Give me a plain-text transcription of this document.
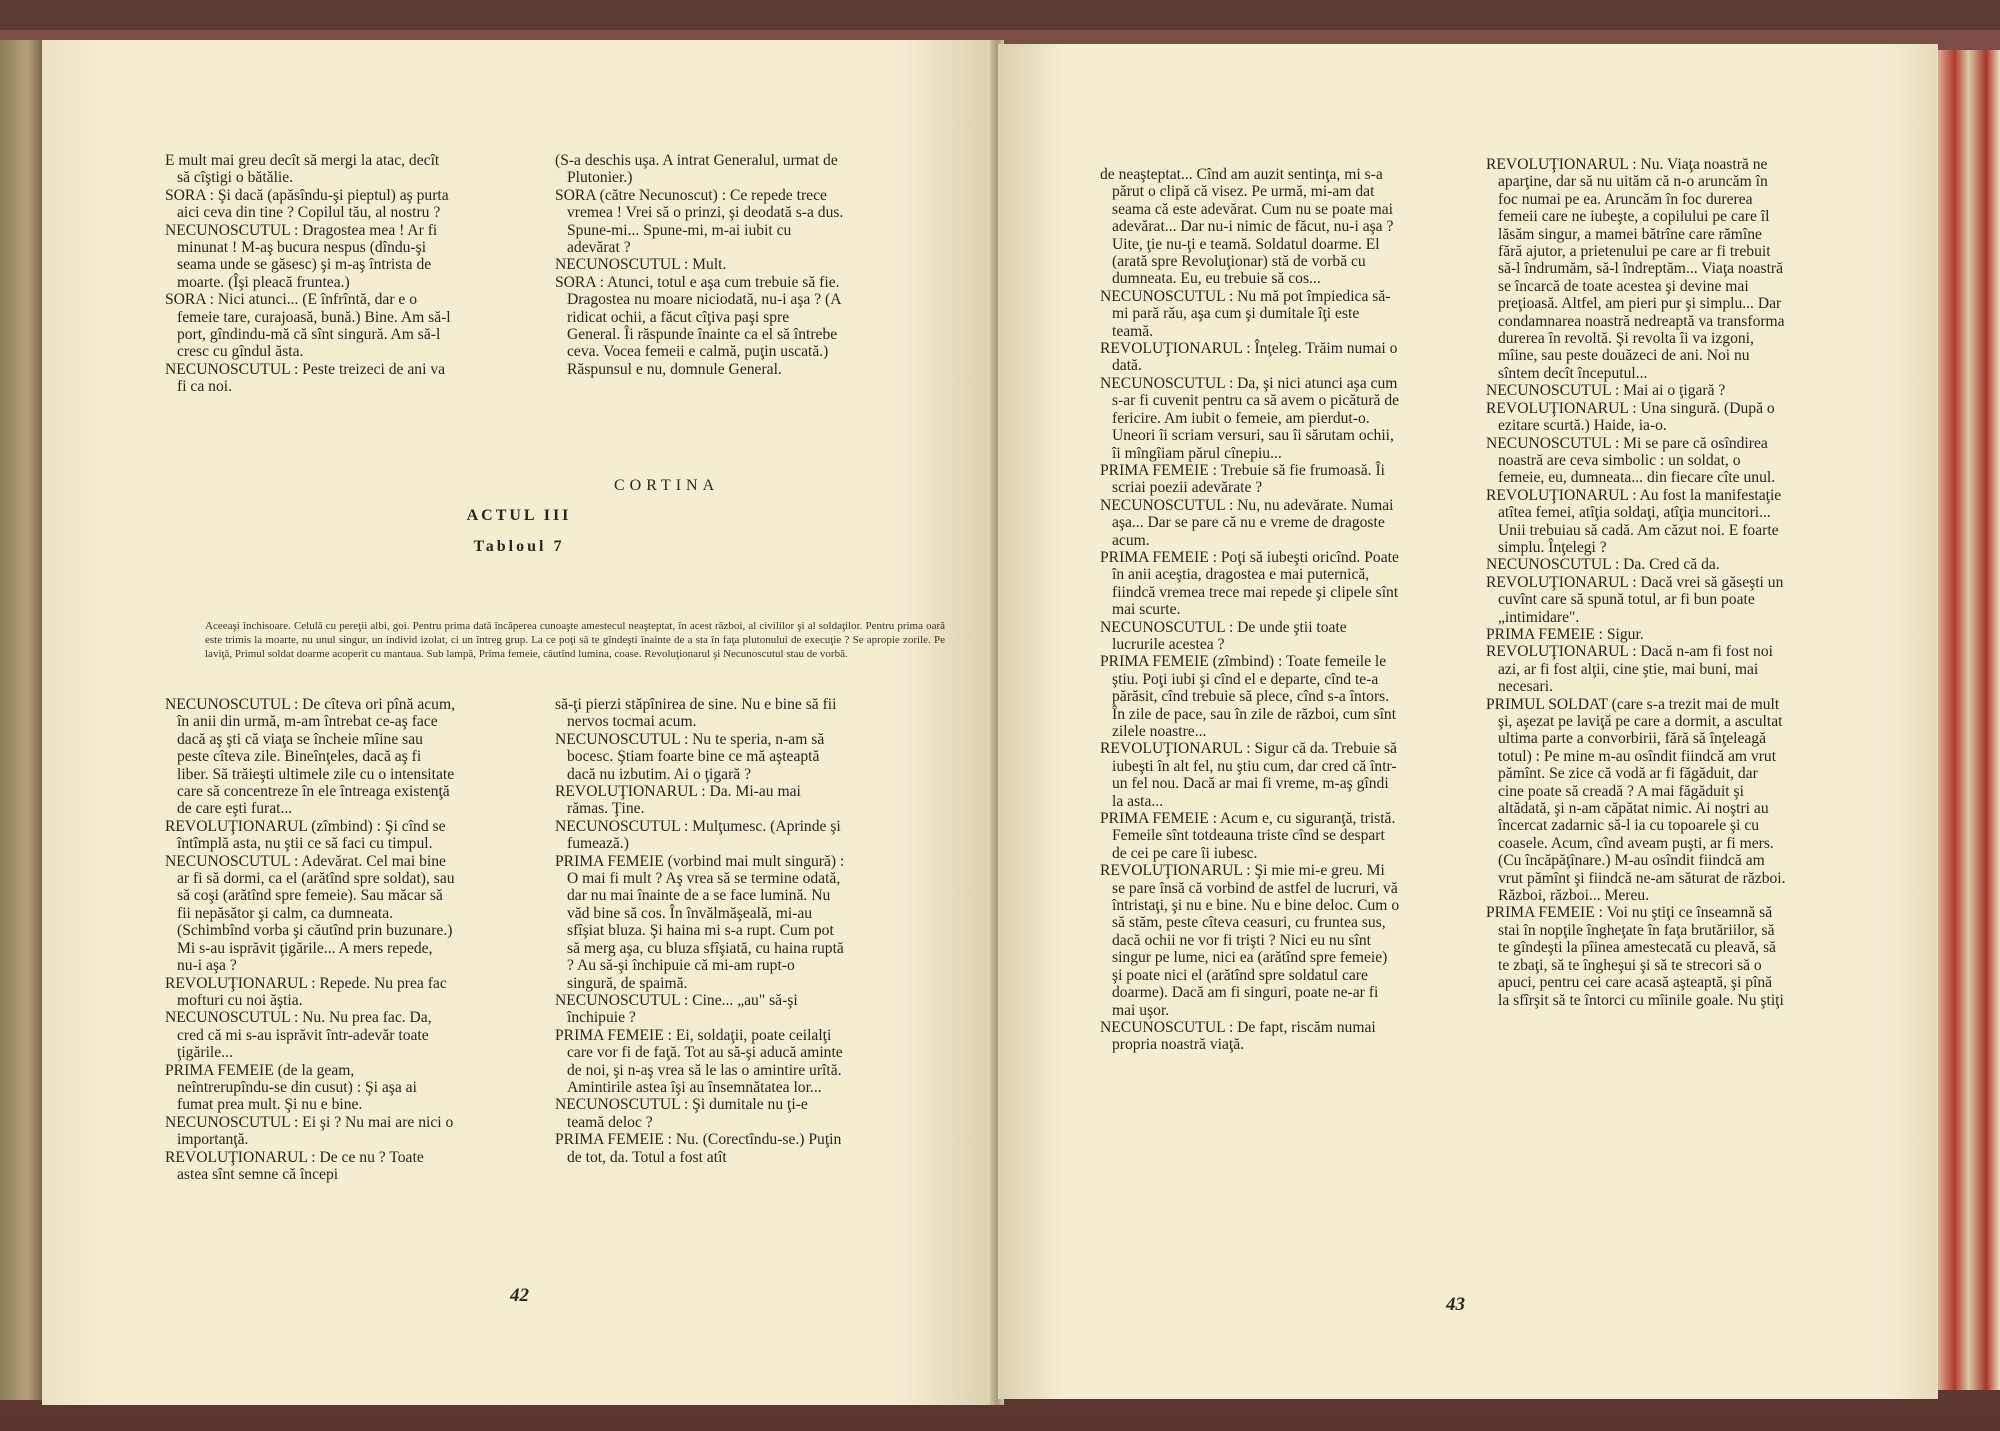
E mult mai greu decît să mergi la atac, decît să cîştigi o bătălie.

SORA : Şi dacă (apăsîndu-şi pieptul) aş purta aici ceva din tine ? Copilul tău, al nostru ?

NECUNOSCUTUL : Dragostea mea ! Ar fi minunat ! M-aş bucura nespus (dîndu-şi seama unde se găsesc) şi m-aş întrista de moarte. (Îşi pleacă fruntea.)

SORA : Nici atunci... (E înfrîntă, dar e o femeie tare, curajoasă, bună.) Bine. Am să-l port, gîndindu-mă că sînt singură. Am să-l cresc cu gîndul ăsta.

NECUNOSCUTUL : Peste treizeci de ani va fi ca noi.

(S-a deschis uşa. A intrat Generalul, urmat de Plutonier.)

SORA (către Necunoscut) : Ce repede trece vremea ! Vrei să o prinzi, şi deodată s-a dus. Spune-mi... Spune-mi, m-ai iubit cu adevărat ?

NECUNOSCUTUL : Mult.

SORA : Atunci, totul e aşa cum trebuie să fie. Dragostea nu moare niciodată, nu-i aşa ? (A ridicat ochii, a făcut cîţiva paşi spre General. Îi răspunde înainte ca el să întrebe ceva. Vocea femeii e calmă, puţin uscată.) Răspunsul e nu, domnule General.

CORTINA
ACTUL III
Tabloul 7
Aceeaşi închisoare. Celulă cu pereţii albi, goi. Pentru prima dată încăperea cunoaşte amestecul neaşteptat, în acest război, al civililor şi al soldaţilor. Pentru prima oară este trimis la moarte, nu unul singur, un individ izolat, ci un întreg grup. La ce poţi să te gîndeşti înainte de a sta în faţa plutonului de execuţie ? Se apropie zorile. Pe laviţă, Primul soldat doarme acoperit cu mantaua. Sub lampă, Prima femeie, căutînd lumina, coase. Revoluţionarul şi Necunoscutul stau de vorbă.

NECUNOSCUTUL : De cîteva ori pînă acum, în anii din urmă, m-am întrebat ce-aş face dacă aş şti că viaţa se încheie mîine sau peste cîteva zile. Bineînţeles, dacă aş fi liber. Să trăieşti ultimele zile cu o intensitate care să concentreze în ele întreaga existenţă de care eşti furat...

REVOLUŢIONARUL (zîmbind) : Şi cînd se întîmplă asta, nu ştii ce să faci cu timpul.

NECUNOSCUTUL : Adevărat. Cel mai bine ar fi să dormi, ca el (arătînd spre soldat), sau să coşi (arătînd spre femeie). Sau măcar să fii nepăsător şi calm, ca dumneata. (Schimbînd vorba şi căutînd prin buzunare.) Mi s-au isprăvit ţigările... A mers repede, nu-i aşa ?

REVOLUŢIONARUL : Repede. Nu prea fac mofturi cu noi ăştia.

NECUNOSCUTUL : Nu. Nu prea fac. Da, cred că mi s-au isprăvit într-adevăr toate ţigările...

PRIMA FEMEIE (de la geam, neîntrerupîndu-se din cusut) : Şi aşa ai fumat prea mult. Şi nu e bine.

NECUNOSCUTUL : Ei şi ? Nu mai are nici o importanţă.

REVOLUŢIONARUL : De ce nu ? Toate astea sînt semne că începi

să-ţi pierzi stăpînirea de sine. Nu e bine să fii nervos tocmai acum.

NECUNOSCUTUL : Nu te speria, n-am să bocesc. Ştiam foarte bine ce mă aşteaptă dacă nu izbutim. Ai o ţigară ?

REVOLUŢIONARUL : Da. Mi-au mai rămas. Ţine.

NECUNOSCUTUL : Mulţumesc. (Aprinde şi fumează.)

PRIMA FEMEIE (vorbind mai mult singură) : O mai fi mult ? Aş vrea să se termine odată, dar nu mai înainte de a se face lumină. Nu văd bine să cos. În învălmăşeală, mi-au sfîşiat bluza. Şi haina mi s-a rupt. Cum pot să merg aşa, cu bluza sfîşiată, cu haina ruptă ? Au să-şi închipuie că mi-am rupt-o singură, de spaimă.

NECUNOSCUTUL : Cine... „au" să-şi închipuie ?

PRIMA FEMEIE : Ei, soldaţii, poate ceilalţi care vor fi de faţă. Tot au să-şi aducă aminte de noi, şi n-aş vrea să le las o amintire urîtă. Amintirile astea îşi au însemnătatea lor...

NECUNOSCUTUL : Şi dumitale nu ţi-e teamă deloc ?

PRIMA FEMEIE : Nu. (Corectîndu-se.) Puţin de tot, da. Totul a fost atît

42

de neaşteptat... Cînd am auzit sentinţa, mi s-a părut o clipă că visez. Pe urmă, mi-am dat seama că este adevărat. Cum nu se poate mai adevărat... Dar nu-i nimic de făcut, nu-i aşa ? Uite, ţie nu-ţi e teamă. Soldatul doarme. El (arată spre Revoluţionar) stă de vorbă cu dumneata. Eu, eu trebuie să cos...

NECUNOSCUTUL : Nu mă pot împiedica să-mi pară rău, aşa cum şi dumitale îţi este teamă.

REVOLUŢIONARUL : Înţeleg. Trăim numai o dată.

NECUNOSCUTUL : Da, şi nici atunci aşa cum s-ar fi cuvenit pentru ca să avem o picătură de fericire. Am iubit o femeie, am pierdut-o. Uneori îi scriam versuri, sau îi sărutam ochii, îi mîngîiam părul cînepiu...

PRIMA FEMEIE : Trebuie să fie frumoasă. Îi scriai poezii adevărate ?

NECUNOSCUTUL : Nu, nu adevărate. Numai aşa... Dar se pare că nu e vreme de dragoste acum.

PRIMA FEMEIE : Poţi să iubeşti oricînd. Poate în anii aceştia, dragostea e mai puternică, fiindcă vremea trece mai repede şi clipele sînt mai scurte.

NECUNOSCUTUL : De unde ştii toate lucrurile acestea ?

PRIMA FEMEIE (zîmbind) : Toate femeile le ştiu. Poţi iubi şi cînd el e departe, cînd te-a părăsit, cînd trebuie să plece, cînd s-a întors. În zile de pace, sau în zile de război, cum sînt zilele noastre...

REVOLUŢIONARUL : Sigur că da. Trebuie să iubeşti în alt fel, nu ştiu cum, dar cred că într-un fel nou. Dacă ar mai fi vreme, m-aş gîndi la asta...

PRIMA FEMEIE : Acum e, cu siguranţă, tristă. Femeile sînt totdeauna triste cînd se despart de cei pe care îi iubesc.

REVOLUŢIONARUL : Şi mie mi-e greu. Mi se pare însă că vorbind de astfel de lucruri, vă întristaţi, şi nu e bine. Nu e bine deloc. Cum o să stăm, peste cîteva ceasuri, cu fruntea sus, dacă ochii ne vor fi trişti ? Nici eu nu sînt singur pe lume, nici ea (arătînd spre femeie) şi poate nici el (arătînd spre soldatul care doarme). Dacă am fi singuri, poate ne-ar fi mai uşor.

NECUNOSCUTUL : De fapt, riscăm numai propria noastră viaţă.

REVOLUŢIONARUL : Nu. Viaţa noastră ne aparţine, dar să nu uităm că n-o aruncăm în foc numai pe ea. Aruncăm în foc durerea femeii care ne iubeşte, a copilului pe care îl lăsăm singur, a mamei bătrîne care rămîne fără ajutor, a prietenului pe care ar fi trebuit să-l îndrumăm, să-l îndreptăm... Viaţa noastră se încarcă de toate acestea şi devine mai preţioasă. Altfel, am pieri pur şi simplu... Dar condamnarea noastră nedreaptă va transforma durerea în revoltă. Şi revolta îi va izgoni, mîine, sau peste douăzeci de ani. Noi nu sîntem decît începutul...

NECUNOSCUTUL : Mai ai o ţigară ?

REVOLUŢIONARUL : Una singură. (După o ezitare scurtă.) Haide, ia-o.

NECUNOSCUTUL : Mi se pare că osîndirea noastră are ceva simbolic : un soldat, o femeie, eu, dumneata... din fiecare cîte unul.

REVOLUŢIONARUL : Au fost la manifestaţie atîtea femei, atîţia soldaţi, atîţia muncitori... Unii trebuiau să cadă. Am căzut noi. E foarte simplu. Înţelegi ?

NECUNOSCUTUL : Da. Cred că da.

REVOLUŢIONARUL : Dacă vrei să găseşti un cuvînt care să spună totul, ar fi bun poate „intimidare".

PRIMA FEMEIE : Sigur.

REVOLUŢIONARUL : Dacă n-am fi fost noi azi, ar fi fost alţii, cine ştie, mai buni, mai necesari.

PRIMUL SOLDAT (care s-a trezit mai de mult şi, aşezat pe laviţă pe care a dormit, a ascultat ultima parte a convorbirii, fără să înţeleagă totul) : Pe mine m-au osîndit fiindcă am vrut pămînt. Se zice că vodă ar fi făgăduit, dar cine poate să creadă ? A mai făgăduit şi altădată, şi n-am căpătat nimic. Ai noştri au încercat zadarnic să-l ia cu topoarele şi cu coasele. Acum, cînd aveam puşti, ar fi mers. (Cu încăpăţînare.) M-au osîndit fiindcă am vrut pămînt şi fiindcă ne-am săturat de război. Război, război... Mereu.

PRIMA FEMEIE : Voi nu ştiţi ce înseamnă să stai în nopţile îngheţate în faţa brutăriilor, să te gîndeşti la pîinea amestecată cu pleavă, să te zbaţi, să te îngheşui şi să te strecori să o apuci, pentru cei care acasă aşteaptă, şi pînă la sfîrşit să te întorci cu mîinile goale. Nu ştiţi

43
